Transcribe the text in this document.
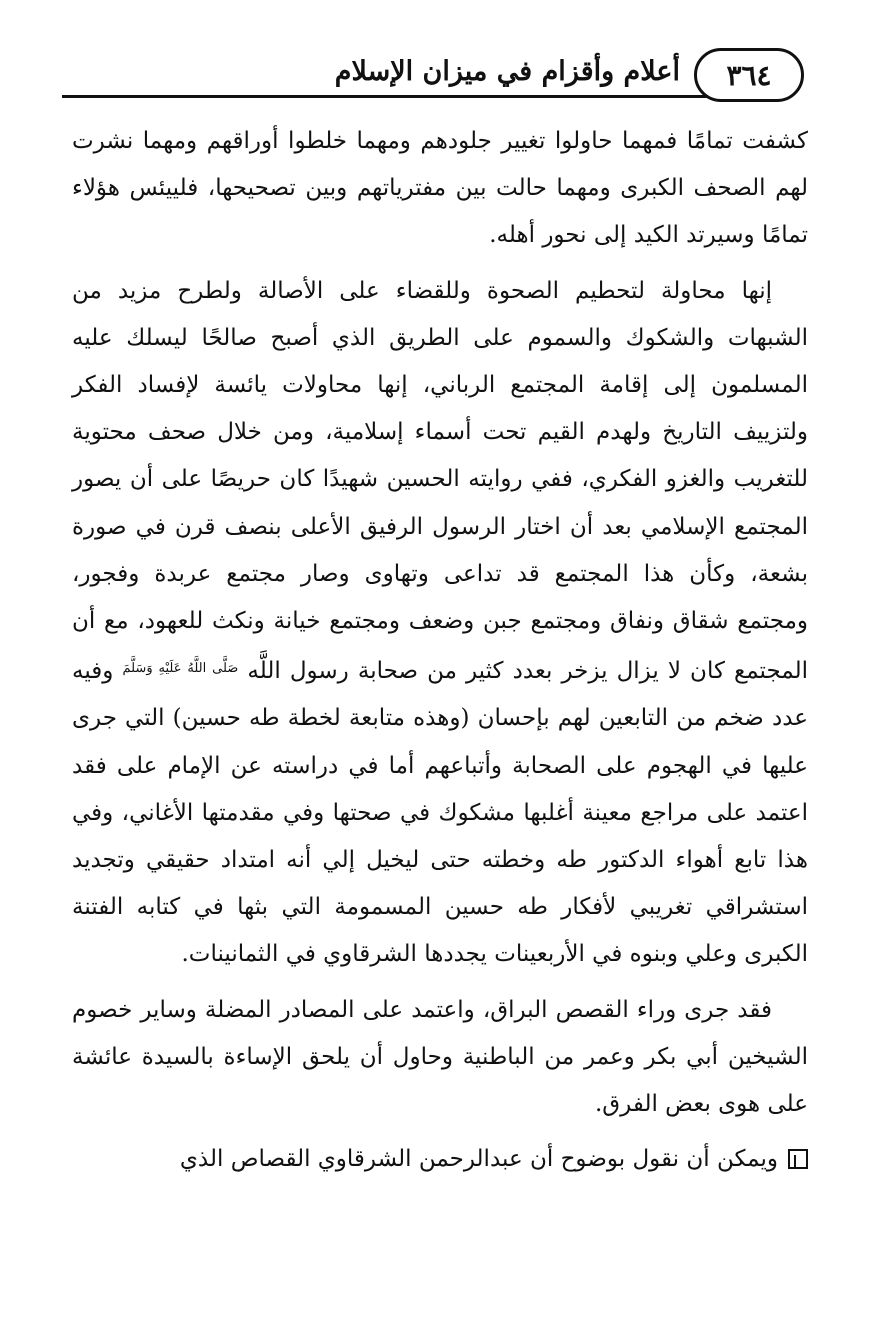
٣٦٤
أعلام وأقزام في ميزان الإسلام

كشفت تمامًا فمهما حاولوا تغيير جلودهم ومهما خلطوا أوراقهم ومهما نشرت لهم الصحف الكبرى ومهما حالت بين مفترياتهم وبين تصحيحها، فلييئس هؤلاء تمامًا وسيرتد الكيد إلى نحور أهله.

إنها محاولة لتحطيم الصحوة وللقضاء على الأصالة ولطرح مزيد من الشبهات والشكوك والسموم على الطريق الذي أصبح صالحًا ليسلك عليه المسلمون إلى إقامة المجتمع الرباني، إنها محاولات يائسة لإفساد الفكر ولتزييف التاريخ ولهدم القيم تحت أسماء إسلامية، ومن خلال صحف محتوية للتغريب والغزو الفكري، ففي روايته الحسين شهيدًا كان حريصًا على أن يصور المجتمع الإسلامي بعد أن اختار الرسول الرفيق الأعلى بنصف قرن في صورة بشعة، وكأن هذا المجتمع قد تداعى وتهاوى وصار مجتمع عربدة وفجور، ومجتمع شقاق ونفاق ومجتمع جبن وضعف ومجتمع خيانة ونكث للعهود، مع أن المجتمع كان لا يزال يزخر بعدد كثير من صحابة رسول اللَّه $^{صَلَّى اللَّهُ عَلَيْهِ وَسَلَّمَ}$ وفيه عدد ضخم من التابعين لهم بإحسان (وهذه متابعة لخطة طه حسين) التي جرى عليها في الهجوم على الصحابة وأتباعهم أما في دراسته عن الإمام على فقد اعتمد على مراجع معينة أغلبها مشكوك في صحتها وفي مقدمتها الأغاني، وفي هذا تابع أهواء الدكتور طه وخطته حتى ليخيل إلي أنه امتداد حقيقي وتجديد استشراقي تغريبي لأفكار طه حسين المسمومة التي بثها في كتابه الفتنة الكبرى وعلي وبنوه في الأربعينات يجددها الشرقاوي في الثمانينات.

فقد جرى وراء القصص البراق، واعتمد على المصادر المضلة وساير خصوم الشيخين أبي بكر وعمر من الباطنية وحاول أن يلحق الإساءة بالسيدة عائشة على هوى بعض الفرق.

ويمكن أن نقول بوضوح أن عبدالرحمن الشرقاوي القصاص الذي
